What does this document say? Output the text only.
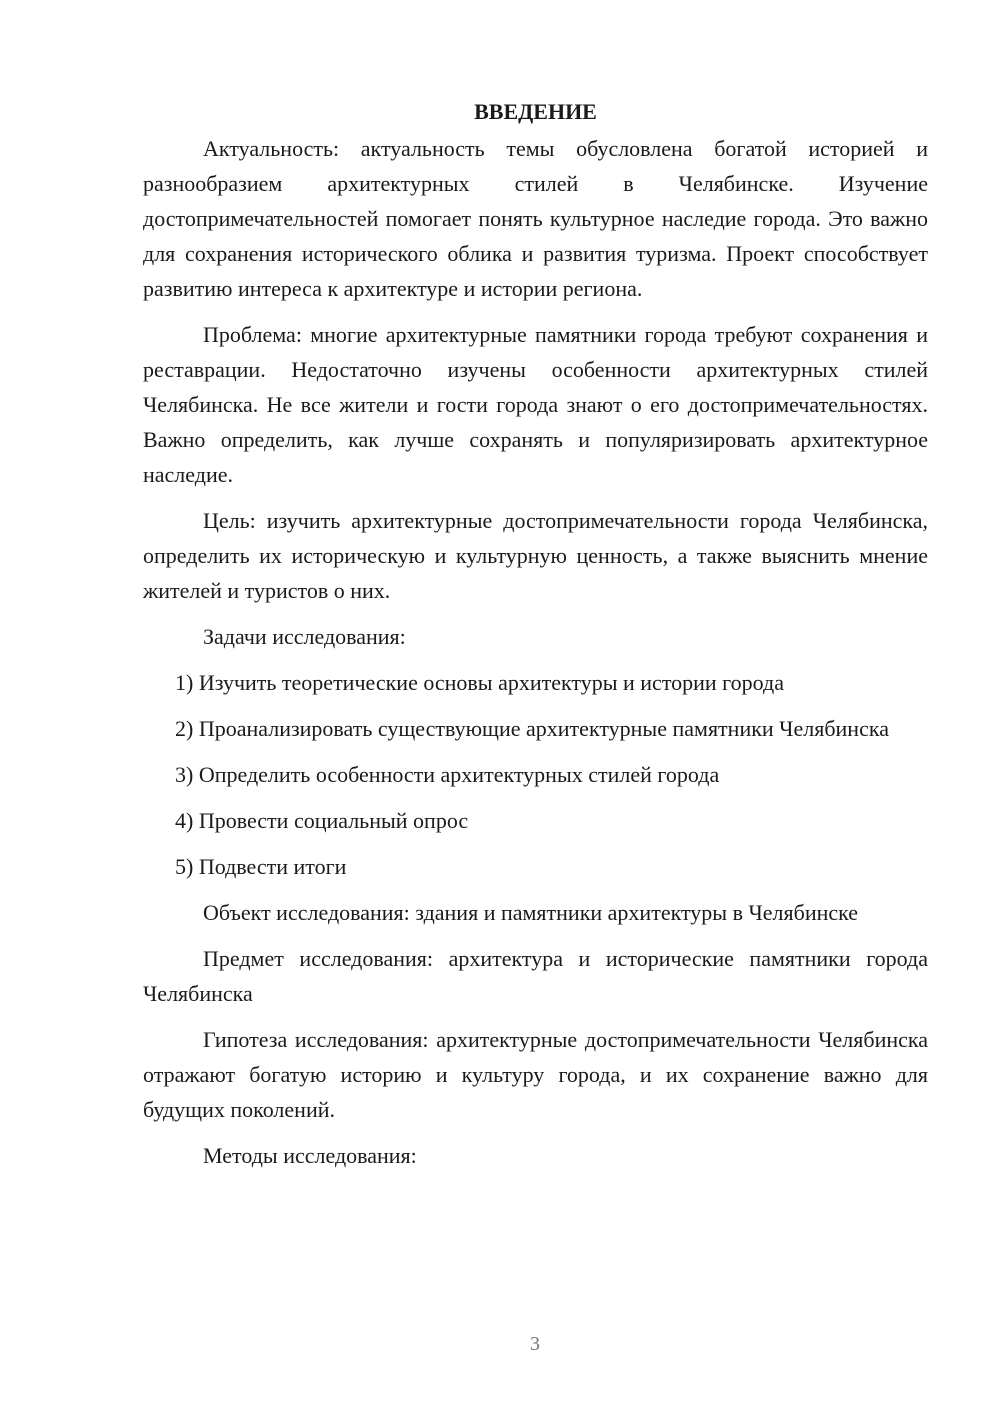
ВВЕДЕНИЕ

Актуальность: актуальность темы обусловлена богатой историей и разнообразием архитектурных стилей в Челябинске. Изучение достопримечательностей помогает понять культурное наследие города. Это важно для сохранения исторического облика и развития туризма. Проект способствует развитию интереса к архитектуре и истории региона.

Проблема: многие архитектурные памятники города требуют сохранения и реставрации. Недостаточно изучены особенности архитектурных стилей Челябинска. Не все жители и гости города знают о его достопримечательностях. Важно определить, как лучше сохранять и популяризировать архитектурное наследие.

Цель: изучить архитектурные достопримечательности города Челябинска, определить их историческую и культурную ценность, а также выяснить мнение жителей и туристов о них.

Задачи исследования:

1) Изучить теоретические основы архитектуры и истории города

2) Проанализировать существующие архитектурные памятники Челябинска

3) Определить особенности архитектурных стилей города

4) Провести социальный опрос

5) Подвести итоги

Объект исследования: здания и памятники архитектуры в Челябинске

Предмет исследования: архитектура и исторические памятники города Челябинска

Гипотеза исследования: архитектурные достопримечательности Челябинска отражают богатую историю и культуру города, и их сохранение важно для будущих поколений.

Методы исследования:

3
